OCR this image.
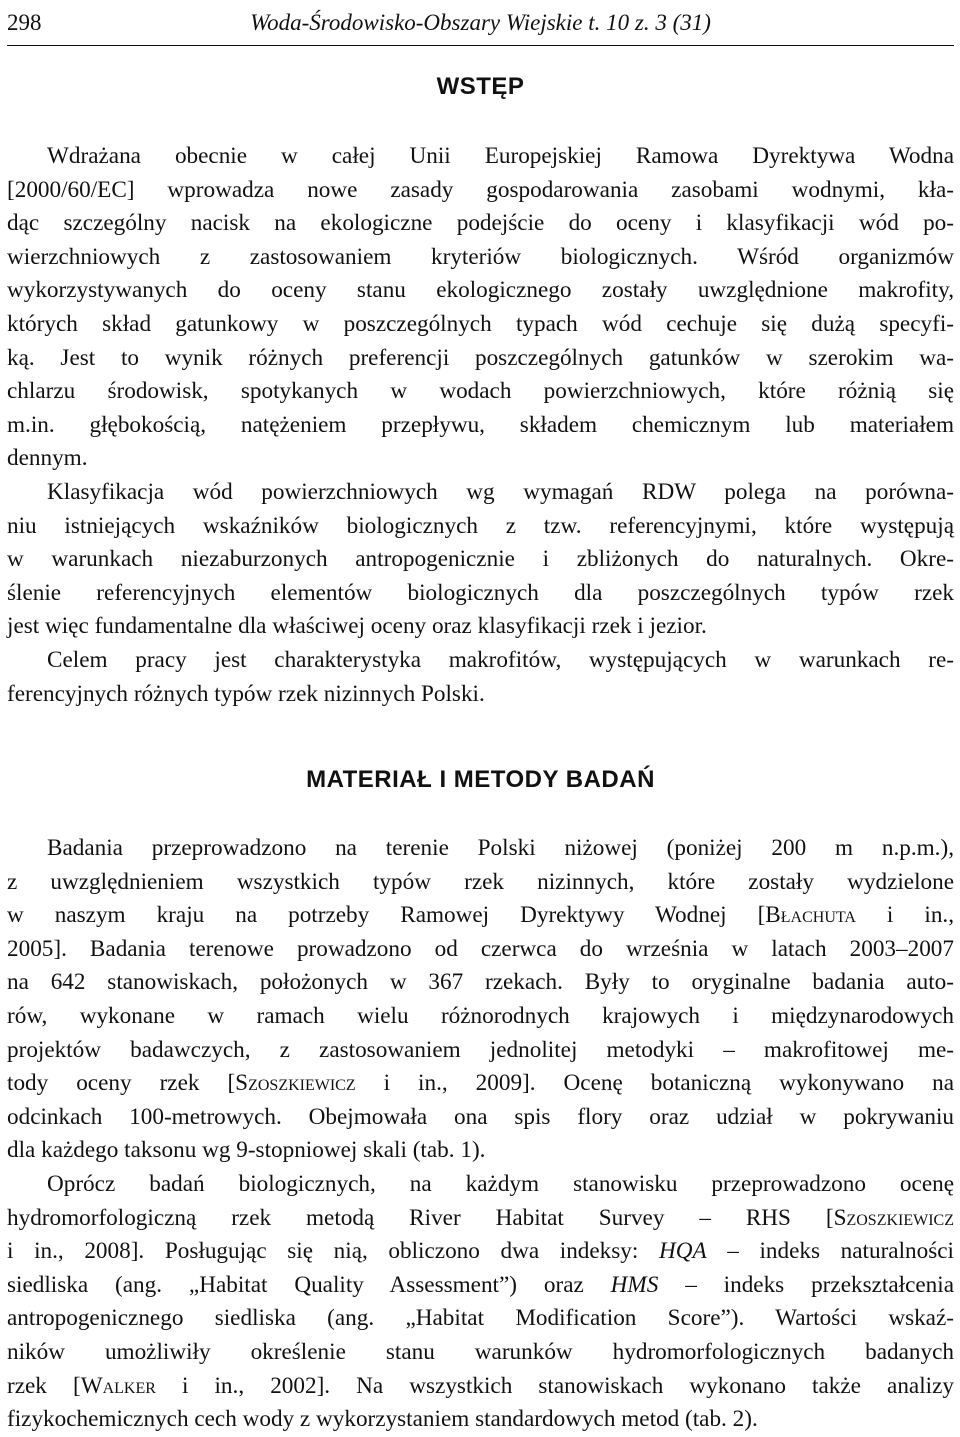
298	Woda-Środowisko-Obszary Wiejskie t. 10 z. 3 (31)
WSTĘP
Wdrażana obecnie w całej Unii Europejskiej Ramowa Dyrektywa Wodna
[2000/60/EC] wprowadza nowe zasady gospodarowania zasobami wodnymi, kła-
dąc szczególny nacisk na ekologiczne podejście do oceny i klasyfikacji wód po-
wierzchniowych z zastosowaniem kryteriów biologicznych. Wśród organizmów
wykorzystywanych do oceny stanu ekologicznego zostały uwzględnione makrofity,
których skład gatunkowy w poszczególnych typach wód cechuje się dużą specyfi-
ką. Jest to wynik różnych preferencji poszczególnych gatunków w szerokim wa-
chlarzu środowisk, spotykanych w wodach powierzchniowych, które różnią się
m.in. głębokością, natężeniem przepływu, składem chemicznym lub materiałem
dennym.
Klasyfikacja wód powierzchniowych wg wymagań RDW polega na porówna-
niu istniejących wskaźników biologicznych z tzw. referencyjnymi, które występują
w warunkach niezaburzonych antropogenicznie i zbliżonych do naturalnych. Okre-
ślenie referencyjnych elementów biologicznych dla poszczególnych typów rzek
jest więc fundamentalne dla właściwej oceny oraz klasyfikacji rzek i jezior.
Celem pracy jest charakterystyka makrofitów, występujących w warunkach re-
ferencyjnych różnych typów rzek nizinnych Polski.
MATERIAŁ I METODY BADAŃ
Badania przeprowadzono na terenie Polski niżowej (poniżej 200 m n.p.m.),
z uwzględnieniem wszystkich typów rzek nizinnych, które zostały wydzielone
w naszym kraju na potrzeby Ramowej Dyrektywy Wodnej [Błachuta i in.,
2005]. Badania terenowe prowadzono od czerwca do września w latach 2003–2007
na 642 stanowiskach, położonych w 367 rzekach. Były to oryginalne badania auto-
rów, wykonane w ramach wielu różnorodnych krajowych i międzynarodowych
projektów badawczych, z zastosowaniem jednolitej metodyki – makrofitowej me-
tody oceny rzek [Szoszkiewicz i in., 2009]. Ocenę botaniczną wykonywano na
odcinkach 100-metrowych. Obejmowała ona spis flory oraz udział w pokrywaniu
dla każdego taksonu wg 9-stopniowej skali (tab. 1).
Oprócz badań biologicznych, na każdym stanowisku przeprowadzono ocenę
hydromorfologiczną rzek metodą River Habitat Survey – RHS [Szoszkiewicz
i in., 2008]. Posługując się nią, obliczono dwa indeksy: HQA – indeks naturalności
siedliska (ang. „Habitat Quality Assessment”) oraz HMS – indeks przekształcenia
antropogenicznego siedliska (ang. „Habitat Modification Score”). Wartości wskaź-
ników umożliwiły określenie stanu warunków hydromorfologicznych badanych
rzek [Walker i in., 2002]. Na wszystkich stanowiskach wykonano także analizy
fizykochemicznych cech wody z wykorzystaniem standardowych metod (tab. 2).
